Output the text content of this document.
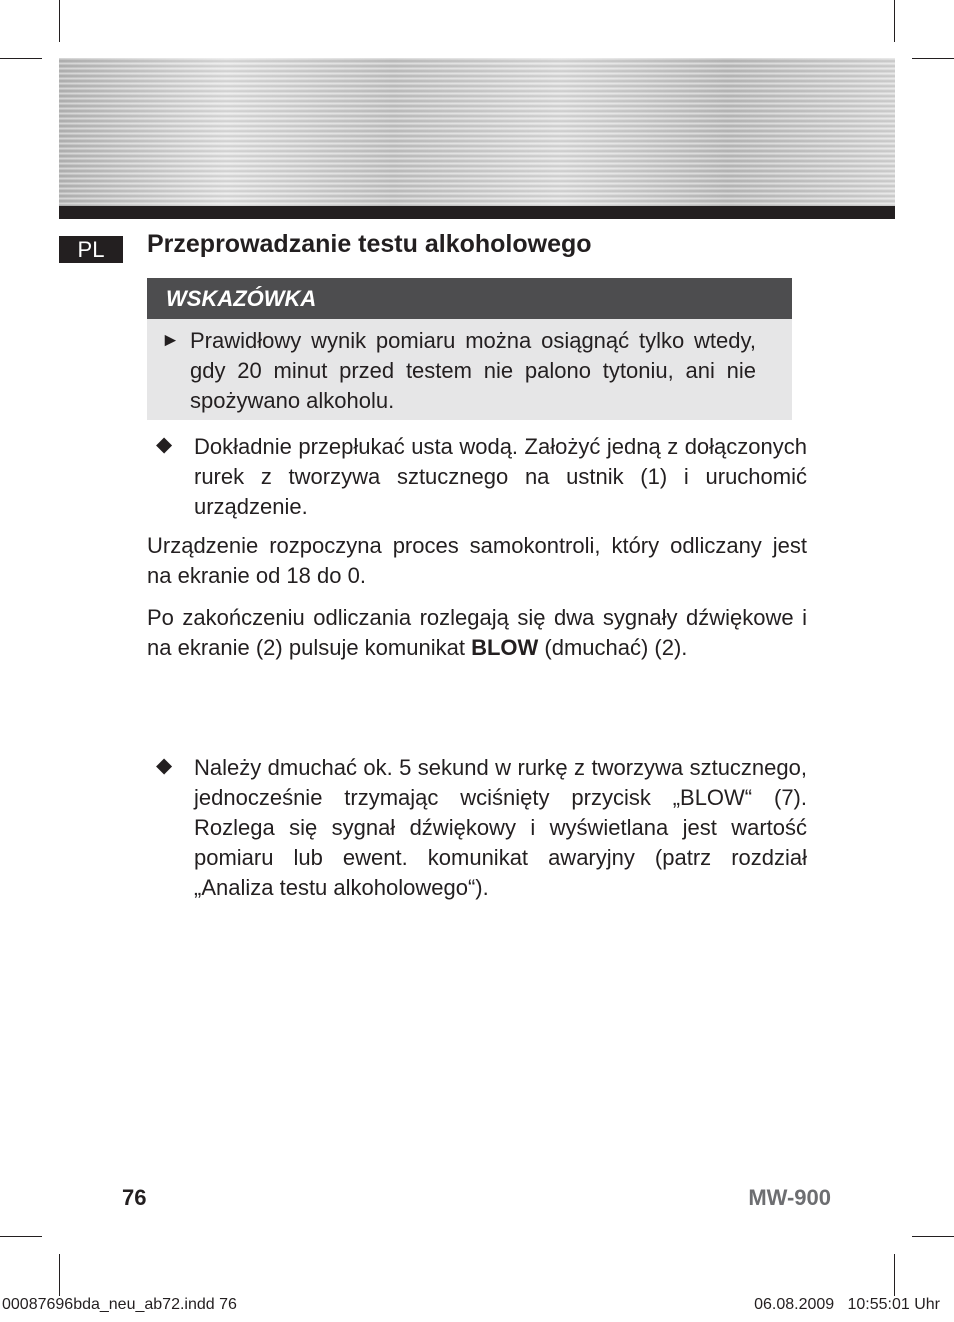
PL	Przeprowadzanie testu alkoholowego
WSKAZÓWKA
► Prawidłowy wynik pomiaru można osiągnąć tylko wtedy, gdy 20 minut przed testem nie palono tytoniu, ani nie spożywano alkoholu.
◆ Dokładnie przepłukać usta wodą. Założyć jedną z dołączonych rurek z tworzywa sztucznego na ustnik (1) i uruchomić urządzenie.
Urządzenie rozpoczyna proces samokontroli, który odliczany jest na ekranie od 18 do 0.
Po zakończeniu odliczania rozlegają się dwa sygnały dźwiękowe i na ekranie (2) pulsuje komunikat BLOW (dmuchać) (2).
◆ Należy dmuchać ok. 5 sekund w rurkę z tworzywa sztucznego, jednocześnie trzymając wciśnięty przycisk „BLOW“ (7). Rozlega się sygnał dźwiękowy i wyświetlana jest wartość pomiaru lub ewent. komunikat awaryjny (patrz rozdział „Analiza testu alkoholowego“).
76	MW-900
00087696bda_neu_ab72.indd 76	06.08.2009   10:55:01 Uhr
